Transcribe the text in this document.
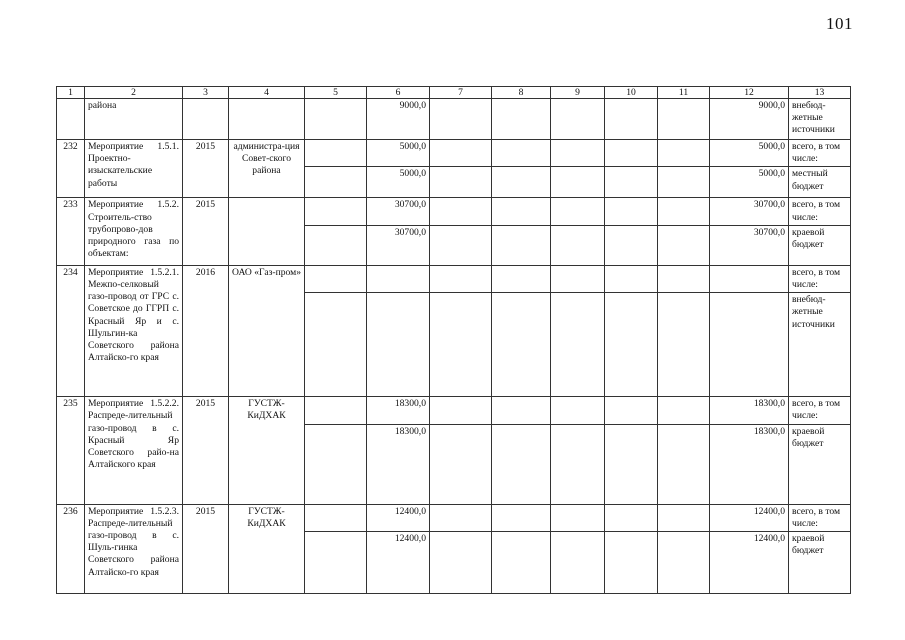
101
1	2	3	4	5	6	7	8	9	10	11	12	13
	района				9000,0						9000,0	внебюд-жетные источники
232	Мероприятие 1.5.1. Проектно-изыскательские работы	2015	администра-ция Совет-ского района		5000,0						5000,0	всего, в том числе:
					5000,0						5000,0	местный бюджет
233	Мероприятие 1.5.2. Строитель-ство трубопрово-дов природного газа по объектам:	2015			30700,0						30700,0	всего, в том числе:
					30700,0						30700,0	краевой бюджет
234	Мероприятие 1.5.2.1. Межпо-селковый газо-провод от ГРС с. Советское до ГГРП с. Красный Яр и с. Шульгин-ка Советского района Алтайско-го края	2016	ОАО «Газ-пром»									всего, в том числе:
												внебюд-жетные источники
235	Мероприятие 1.5.2.2. Распреде-лительный газо-провод в с. Красный Яр Советского райо-на Алтайского края	2015	ГУСТЖ-КиДХАК		18300,0						18300,0	всего, в том числе:
					18300,0						18300,0	краевой бюджет
236	Мероприятие 1.5.2.3. Распреде-лительный газо-провод в с. Шуль-гинка Советского района Алтайско-го края	2015	ГУСТЖ-КиДХАК		12400,0						12400,0	всего, в том числе:
					12400,0						12400,0	краевой бюджет
